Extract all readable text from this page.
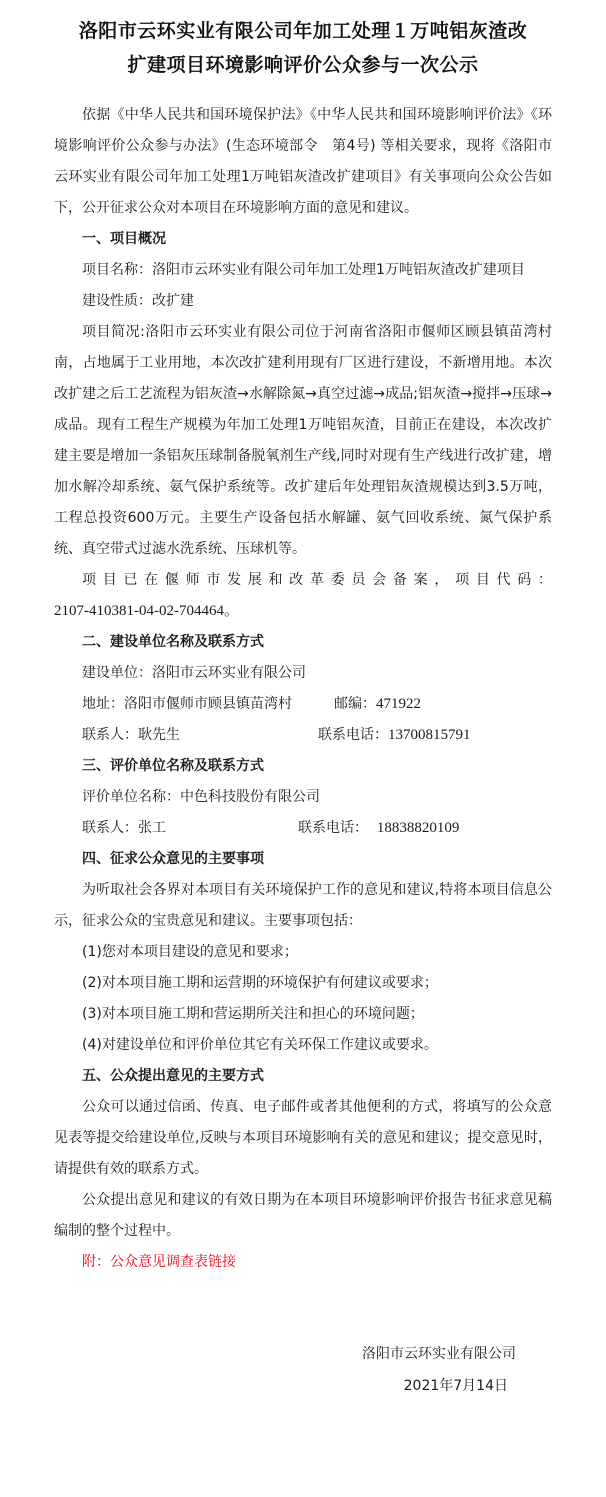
洛阳市云环实业有限公司年加工处理１万吨铝灰渣改
扩建项目环境影响评价公众参与一次公示

依据《中华人民共和国环境保护法》《中华人民共和国环境影响评价法》《环境影响评价公众参与办法》(生态环境部令　第4号) 等相关要求，现将《洛阳市云环实业有限公司年加工处理1万吨铝灰渣改扩建项目》有关事项向公众公告如下，公开征求公众对本项目在环境影响方面的意见和建议。

一、项目概况
项目名称：洛阳市云环实业有限公司年加工处理1万吨铝灰渣改扩建项目
建设性质：改扩建

项目简况:洛阳市云环实业有限公司位于河南省洛阳市偃师区顾县镇苗湾村南，占地属于工业用地，本次改扩建利用现有厂区进行建设，不新增用地。本次改扩建之后工艺流程为铝灰渣→水解除氮→真空过滤→成品;铝灰渣→搅拌→压球→成品。现有工程生产规模为年加工处理1万吨铝灰渣，目前正在建设，本次改扩建主要是增加一条铝灰压球制备脱氧剂生产线,同时对现有生产线进行改扩建，增加水解冷却系统、氨气保护系统等。改扩建后年处理铝灰渣规模达到3.5万吨，工程总投资600万元。主要生产设备包括水解罐、氨气回收系统、氮气保护系统、真空带式过滤水洗系统、压球机等。

项目已在偃师市发展和改革委员会备案，项目代码：

2107-410381-04-02-704464。
二、建设单位名称及联系方式
建设单位：洛阳市云环实业有限公司
地址：洛阳市偃师市顾县镇苗湾村	邮编：471922
联系人：耿先生	联系电话：13700815791
三、评价单位名称及联系方式
评价单位名称：中色科技股份有限公司
联系人：张工	联系电话： 18838820109
四、征求公众意见的主要事项

为听取社会各界对本项目有关环境保护工作的意见和建议,特将本项目信息公示，征求公众的宝贵意见和建议。主要事项包括：

(1)您对本项目建设的意见和要求；
(2)对本项目施工期和运营期的环境保护有何建议或要求；
(3)对本项目施工期和营运期所关注和担心的环境问题；
(4)对建设单位和评价单位其它有关环保工作建议或要求。
五、公众提出意见的主要方式

公众可以通过信函、传真、电子邮件或者其他便利的方式，将填写的公众意见表等提交给建设单位,反映与本项目环境影响有关的意见和建议；提交意见时，请提供有效的联系方式。

公众提出意见和建议的有效日期为在本项目环境影响评价报告书征求意见稿编制的整个过程中。

附：公众意见调查表链接

洛阳市云环实业有限公司
2021年7月14日
